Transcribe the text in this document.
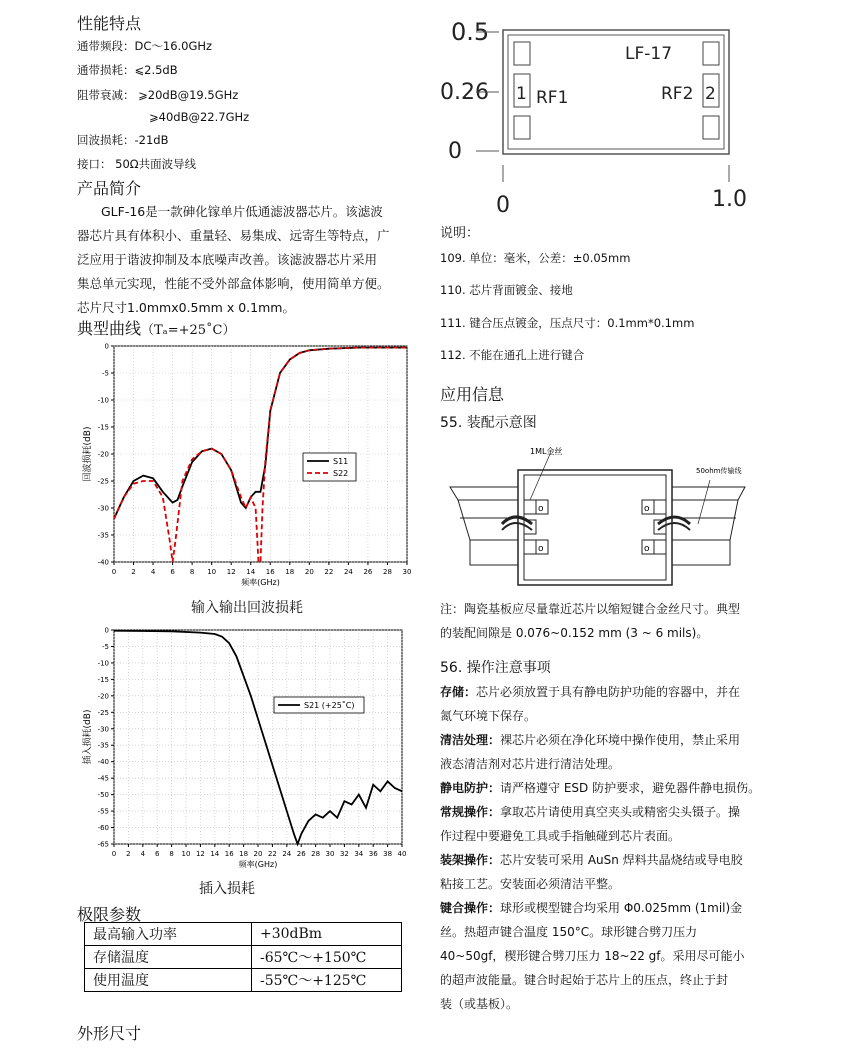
性能特点
通带频段：DC～16.0GHz
通带损耗：⩽2.5dB
阻带衰减： ⩾20dB@19.5GHz
⩾40dB@22.7GHz
回波损耗：-21dB
接口： 50Ω共面波导线
产品简介
GLF-16是一款砷化镓单片低通滤波器芯片。该滤波
器芯片具有体积小、重量轻、易集成、远寄生等特点，广
泛应用于谐波抑制及本底噪声改善。该滤波器芯片采用
集总单元实现，性能不受外部盒体影响，使用简单方便。
芯片尺寸1.0mmx0.5mm x 0.1mm。
典型曲线（Tₐ=+25˚C）
0 2 4 6 8 10 12 14 16 18 20 22 24 26 28 30
0
-5
-10
-15
-20
-25
-30
-35
-40
频率(GHz)
回波损耗(dB)	S11
S22
输入输出回波损耗
0 2 4 6 8 10 12 14 16 18 20 22 24 26 28 30 32 34 36 38 40
0
-5
-10
-15
-20
-25
-30
-35
-40
-45
-50
-55
-60
-65
频率(GHz)
插入损耗(dB)
S21 (+25˚C)
插入损耗
极限参数
最高输入功率	+30dBm
存储温度	-65℃～+150℃
使用温度	-55℃～+125℃
外形尺寸
0.5
0.26
0
0	1.0
1	2
RF1	RF2
LF-17
说明：
109. 单位：毫米，公差：±0.05mm
110. 芯片背面镀金、接地
111. 键合压点镀金，压点尺寸：0.1mm*0.1mm
112. 不能在通孔上进行键合
应用信息
55. 装配示意图
o
o
o
o
1ML金丝
50ohm传输线
注：陶瓷基板应尽量靠近芯片以缩短键合金丝尺寸。典型
的装配间隙是 0.076~0.152 mm (3 ~ 6 mils)。
56. 操作注意事项
存储：芯片必须放置于具有静电防护功能的容器中，并在
氮气环境下保存。
清洁处理：裸芯片必须在净化环境中操作使用，禁止采用
液态清洁剂对芯片进行清洁处理。
静电防护：请严格遵守 ESD 防护要求，避免器件静电损伤。
常规操作：拿取芯片请使用真空夹头或精密尖头镊子。操
作过程中要避免工具或手指触碰到芯片表面。
装架操作：芯片安装可采用 AuSn 焊料共晶烧结或导电胶
粘接工艺。安装面必须清洁平整。
键合操作：球形或楔型键合均采用 Φ0.025mm (1mil)金
丝。热超声键合温度 150°C。球形键合劈刀压力
40~50gf，楔形键合劈刀压力 18~22 gf。采用尽可能小
的超声波能量。键合时起始于芯片上的压点，终止于封
装（或基板）。
